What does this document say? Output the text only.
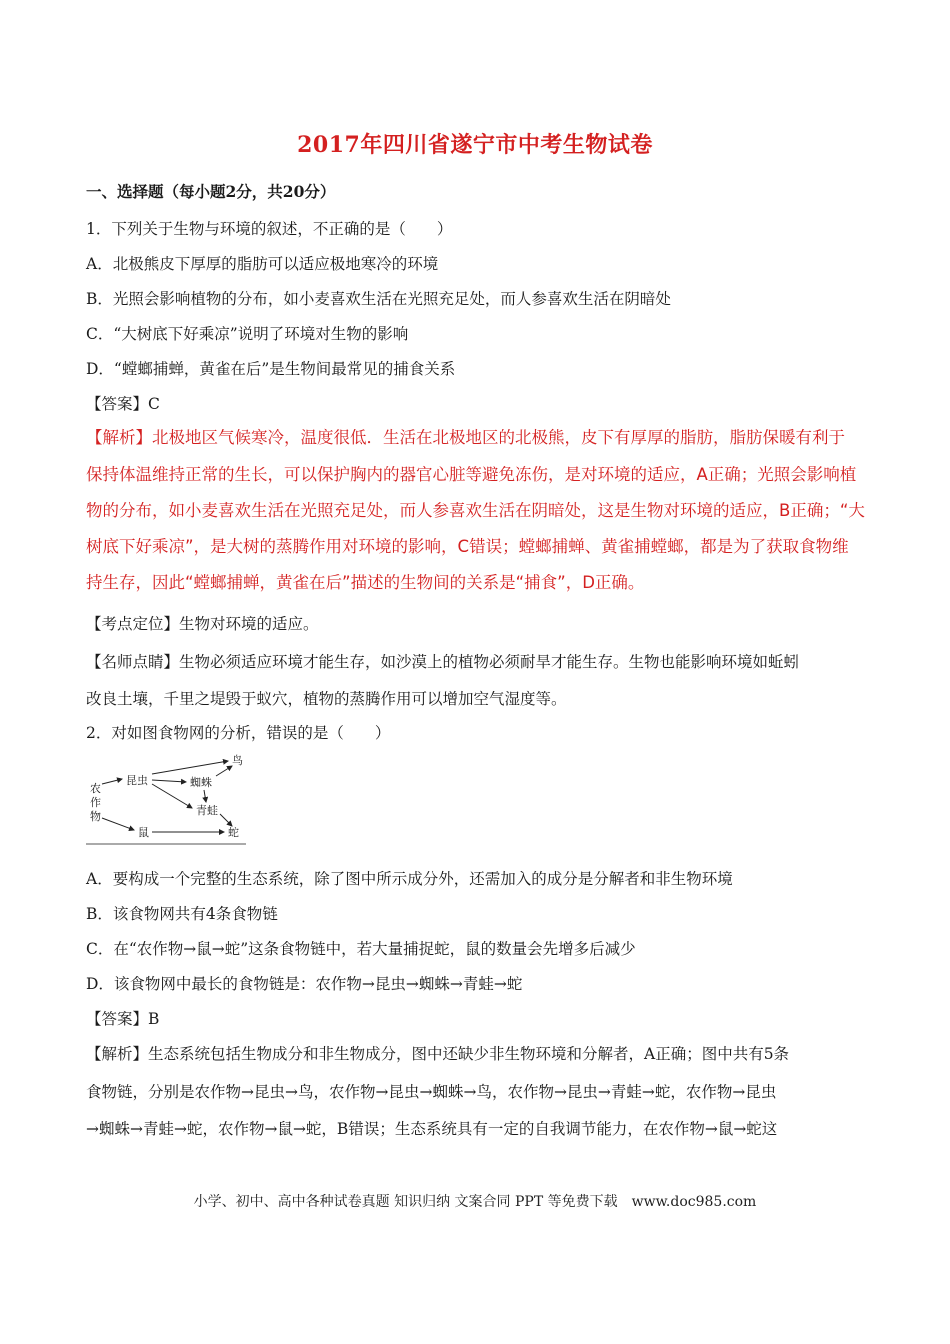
2017年四川省遂宁市中考生物试卷
一、选择题（每小题2分，共20分）
1．下列关于生物与环境的叙述，不正确的是（　　）
A．北极熊皮下厚厚的脂肪可以适应极地寒冷的环境
B．光照会影响植物的分布，如小麦喜欢生活在光照充足处，而人参喜欢生活在阴暗处
C．“大树底下好乘凉”说明了环境对生物的影响
D．“螳螂捕蝉，黄雀在后”是生物间最常见的捕食关系
【答案】C
【解析】北极地区气候寒冷，温度很低．生活在北极地区的北极熊，皮下有厚厚的脂肪，脂肪保暖有利于
保持体温维持正常的生长，可以保护胸内的器官心脏等避免冻伤，是对环境的适应，A正确；光照会影响植
物的分布，如小麦喜欢生活在光照充足处，而人参喜欢生活在阴暗处，这是生物对环境的适应，B正确；“大
树底下好乘凉”，是大树的蒸腾作用对环境的影响，C错误；螳螂捕蝉、黄雀捕螳螂，都是为了获取食物维
持生存，因此“螳螂捕蝉，黄雀在后”描述的生物间的关系是“捕食”，D正确。
【考点定位】生物对环境的适应。
【名师点睛】生物必须适应环境才能生存，如沙漠上的植物必须耐旱才能生存。生物也能影响环境如蚯蚓
改良土壤，千里之堤毁于蚁穴，植物的蒸腾作用可以增加空气湿度等。
2．对如图食物网的分析，错误的是（　　）
农作物
昆虫
鸟
蜘蛛
青蛙
鼠	蛇
A．要构成一个完整的生态系统，除了图中所示成分外，还需加入的成分是分解者和非生物环境
B．该食物网共有4条食物链
C．在“农作物→鼠→蛇”这条食物链中，若大量捕捉蛇，鼠的数量会先增多后减少
D．该食物网中最长的食物链是：农作物→昆虫→蜘蛛→青蛙→蛇
【答案】B
【解析】生态系统包括生物成分和非生物成分，图中还缺少非生物环境和分解者，A正确；图中共有5条
食物链，分别是农作物→昆虫→鸟，农作物→昆虫→蜘蛛→鸟，农作物→昆虫→青蛙→蛇，农作物→昆虫
→蜘蛛→青蛙→蛇，农作物→鼠→蛇，B错误；生态系统具有一定的自我调节能力，在农作物→鼠→蛇这
小学、初中、高中各种试卷真题 知识归纳 文案合同 PPT 等免费下载　www.doc985.com
